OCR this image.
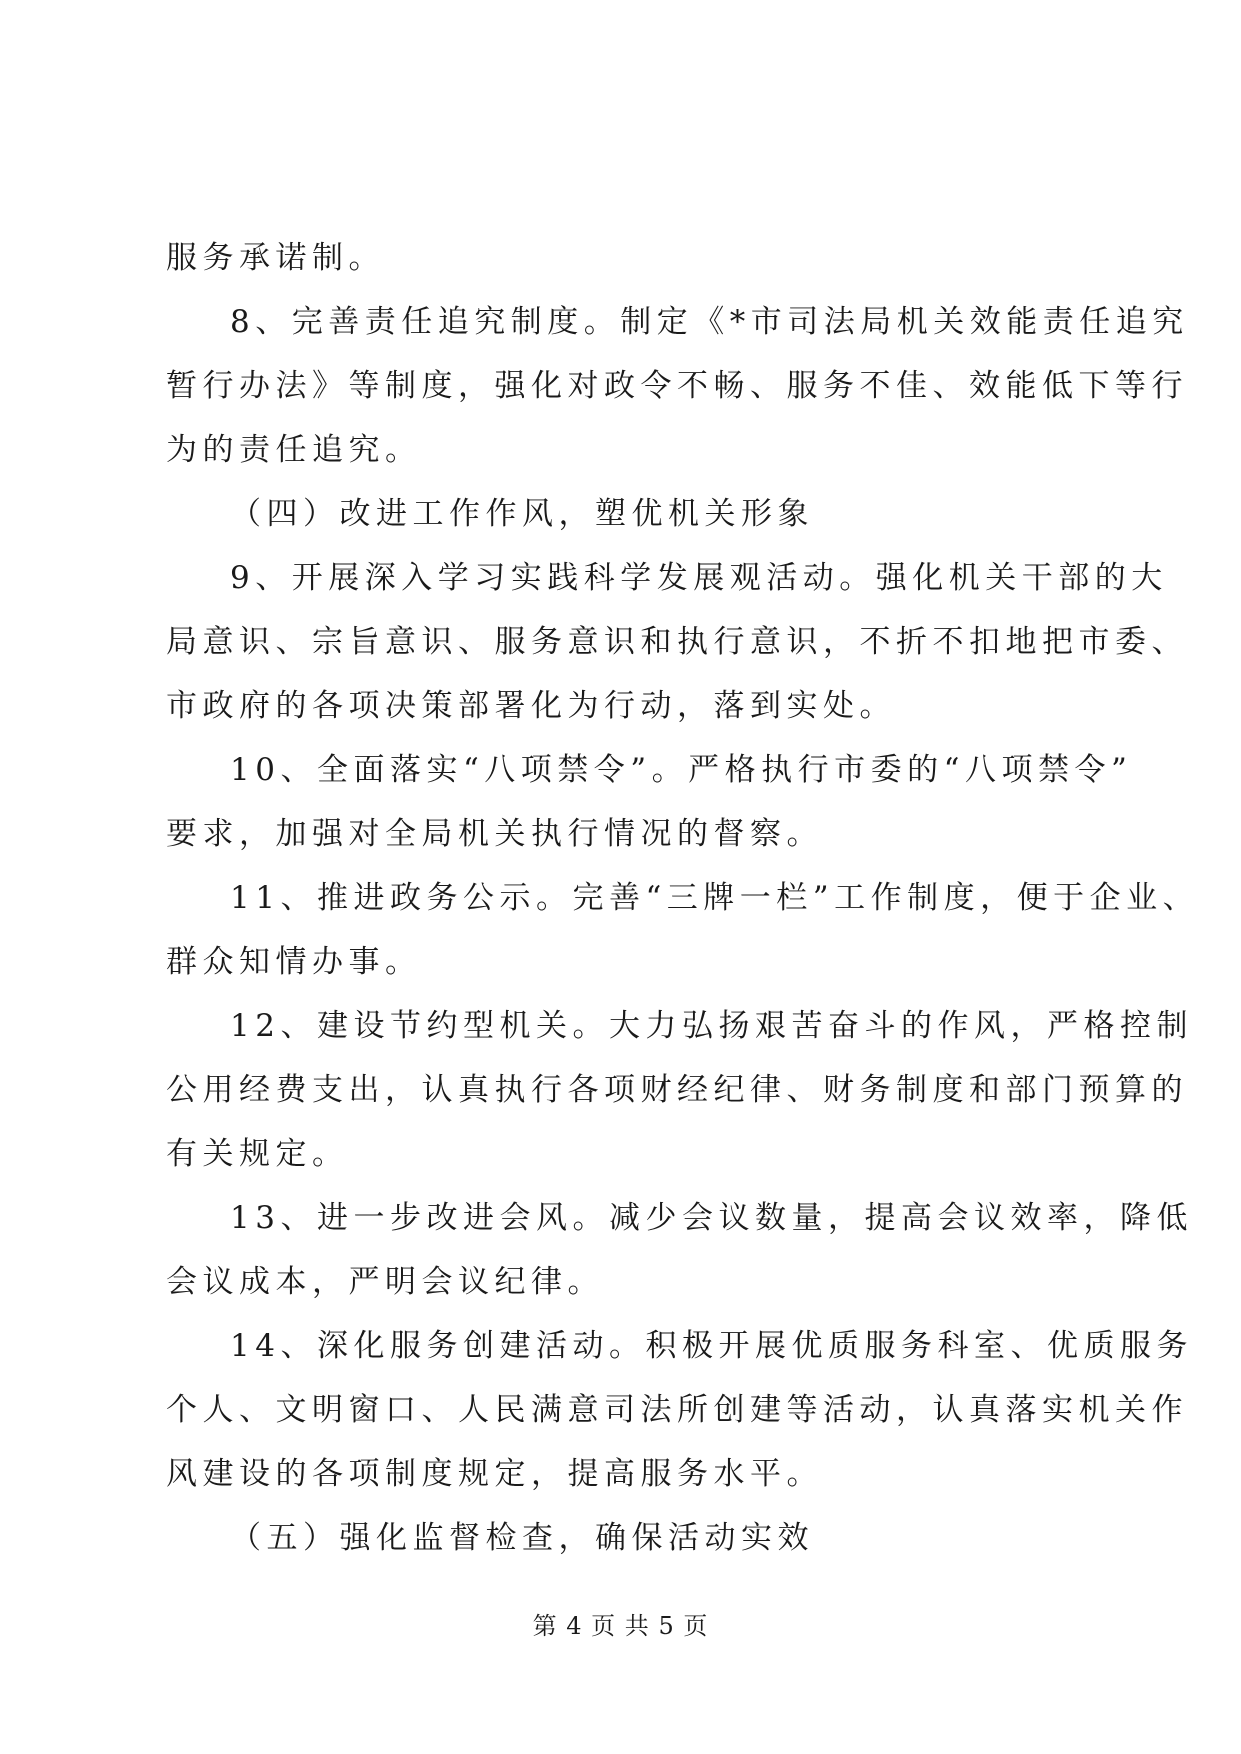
服务承诺制。
8、完善责任追究制度。制定《*市司法局机关效能责任追究
暂行办法》等制度，强化对政令不畅、服务不佳、效能低下等行
为的责任追究。
（四）改进工作作风，塑优机关形象
9、开展深入学习实践科学发展观活动。强化机关干部的大
局意识、宗旨意识、服务意识和执行意识，不折不扣地把市委、
市政府的各项决策部署化为行动，落到实处。
10、全面落实“八项禁令”。严格执行市委的“八项禁令”
要求，加强对全局机关执行情况的督察。
11、推进政务公示。完善“三牌一栏”工作制度，便于企业、
群众知情办事。
12、建设节约型机关。大力弘扬艰苦奋斗的作风，严格控制
公用经费支出，认真执行各项财经纪律、财务制度和部门预算的
有关规定。
13、进一步改进会风。减少会议数量，提高会议效率，降低
会议成本，严明会议纪律。
14、深化服务创建活动。积极开展优质服务科室、优质服务
个人、文明窗口、人民满意司法所创建等活动，认真落实机关作
风建设的各项制度规定，提高服务水平。
（五）强化监督检查，确保活动实效
第 4 页 共 5 页
